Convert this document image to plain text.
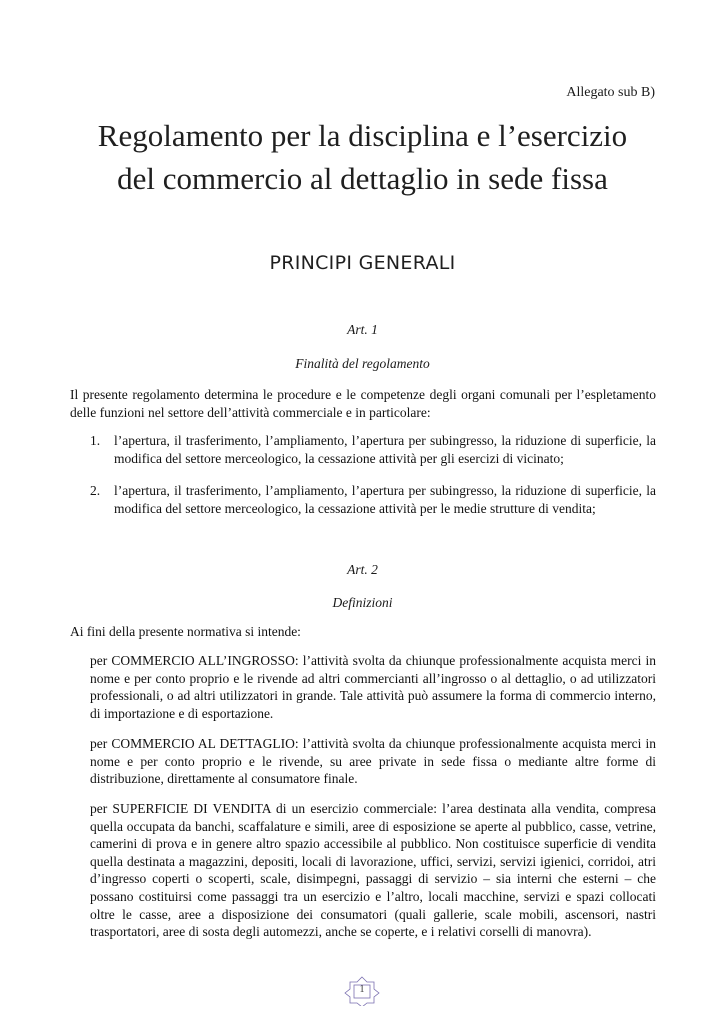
Allegato sub B)
Regolamento per la disciplina e l’esercizio
del commercio al dettaglio in sede fissa
PRINCIPI GENERALI
Art. 1
Finalità del regolamento

Il presente regolamento determina le procedure e le competenze degli organi comunali per l’espletamento delle funzioni nel settore dell’attività commerciale e in particolare:

1. l’apertura, il trasferimento, l’ampliamento, l’apertura per subingresso, la riduzione di superficie, la modifica del settore merceologico, la cessazione attività per gli esercizi di vicinato;
2. l’apertura, il trasferimento, l’ampliamento, l’apertura per subingresso, la riduzione di superficie, la modifica del settore merceologico, la cessazione attività per le medie strutture di vendita;
Art. 2
Definizioni

Ai fini della presente normativa si intende:

per COMMERCIO ALL’INGROSSO: l’attività svolta da chiunque professionalmente acquista merci in nome e per conto proprio e le rivende ad altri commercianti all’ingrosso o al dettaglio, o ad utilizzatori professionali, o ad altri utilizzatori in grande. Tale attività può assumere la forma di commercio interno, di importazione e di esportazione.

per COMMERCIO AL DETTAGLIO: l’attività svolta da chiunque professionalmente acquista merci in nome e per conto proprio e le rivende, su aree private in sede fissa o mediante altre forme di distribuzione, direttamente al consumatore finale.

per SUPERFICIE DI VENDITA di un esercizio commerciale: l’area destinata alla vendita, compresa quella occupata da banchi, scaffalature e simili, aree di esposizione se aperte al pubblico, casse, vetrine, camerini di prova e in genere altro spazio accessibile al pubblico. Non costituisce superficie di vendita quella destinata a magazzini, depositi, locali di lavorazione, uffici, servizi, servizi igienici, corridoi, atri d’ingresso coperti o scoperti, scale, disimpegni, passaggi di servizio – sia interni che esterni – che possano costituirsi come passaggi tra un esercizio e l’altro, locali macchine, servizi e spazi collocati oltre le casse, aree a disposizione dei consumatori (quali gallerie, scale mobili, ascensori, nastri trasportatori, aree di sosta degli automezzi, anche se coperte, e i relativi corselli di manovra).

1
